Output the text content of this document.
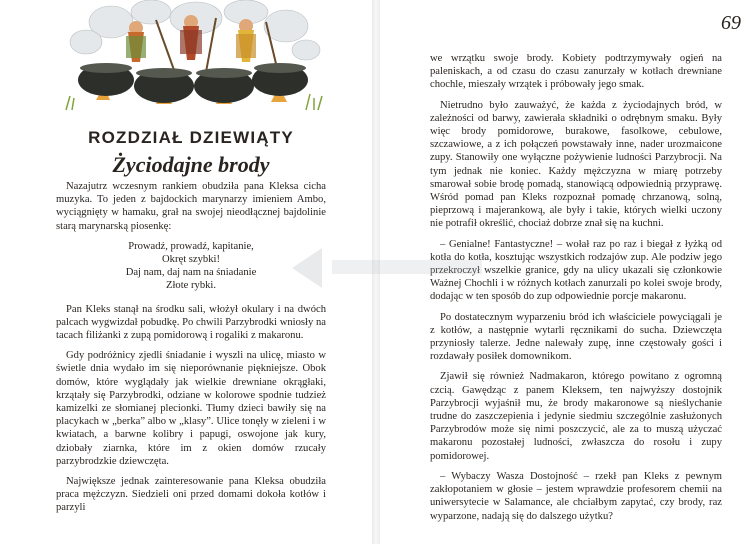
ROZDZIAŁ DZIEWIĄTY
Życiodajne brody

Nazajutrz wczesnym rankiem obudziła pana Kleksa cicha muzyka. To jeden z bajdockich marynarzy imieniem Ambo, wyciągnięty w hamaku, grał na swojej nieodłącznej bajdolinie starą marynarską piosenkę:

Prowadź, prowadź, kapitanie,
Okręt szybki!
Daj nam, daj nam na śniadanie
Złote rybki.

Pan Kleks stanął na środku sali, włożył okulary i na dwóch palcach wygwizdał pobudkę. Po chwili Parzybrodki wniosły na tacach filiżanki z zupą pomidorową i rogaliki z makaronu.

Gdy podróżnicy zjedli śniadanie i wyszli na ulicę, miasto w świetle dnia wydało im się nieporównanie piękniejsze. Obok domów, które wyglądały jak wielkie drewniane okrągłaki, krzątały się Parzybrodki, odziane w kolorowe spodnie tudzież kamizelki ze słomianej plecionki. Tłumy dzieci bawiły się na placykach w „berka” albo w „klasy”. Ulice tonęły w zieleni i w kwiatach, a barwne kolibry i papugi, oswojone jak kury, dziobały ziarnka, które im z okien domów rzucały parzybrodzkie dziewczęta.

Największe jednak zainteresowanie pana Kleksa obudziła praca mężczyzn. Siedzieli oni przed domami dokoła kotłów i parzyli

we wrzątku swoje brody. Kobiety podtrzymywały ogień na paleniskach, a od czasu do czasu zanurzały w kotłach drewniane chochle, mieszały wrzątek i próbowały jego smak.

Nietrudno było zauważyć, że każda z życiodajnych bród, w zależności od barwy, zawierała składniki o odrębnym smaku. Były więc brody pomidorowe, burakowe, fasolkowe, cebulowe, szczawiowe, a z ich połączeń powstawały inne, nader urozmaicone zupy. Stanowiły one wyłączne pożywienie ludności Parzybrocji. Na tym jednak nie koniec. Każdy mężczyzna w miarę potrzeby smarował sobie brodę pomadą, stanowiącą odpowiednią przyprawę. Wśród pomad pan Kleks rozpoznał pomadę chrzanową, solną, pieprzową i majerankową, ale były i takie, których wielki uczony nie potrafił określić, chociaż dobrze znał się na kuchni.

– Genialne! Fantastyczne! – wołał raz po raz i biegał z łyżką od kotła do kotła, kosztując wszystkich rodzajów zup. Ale podziw jego przekroczył wszelkie granice, gdy na ulicy ukazali się członkowie Ważnej Chochli i w różnych kotłach zanurzali po kolei swoje brody, dodając w ten sposób do zup odpowiednie porcje makaronu.

Po dostatecznym wyparzeniu bród ich właściciele powyciągali je z kotłów, a następnie wytarli ręcznikami do sucha. Dziewczęta przyniosły talerze. Jedne nalewały zupę, inne częstowały gości i rozdawały posiłek domownikom.

Zjawił się również Nadmakaron, którego powitano z ogromną czcią. Gawędząc z panem Kleksem, ten najwyższy dostojnik Parzybrocji wyjaśnił mu, że brody makaronowe są nieślychanie trudne do zaszczepienia i jedynie siedmiu szczególnie zasłużonych Parzybrodów może się nimi poszczycić, ale za to muszą użyczać makaronu pozostałej ludności, zwłaszcza do rosołu i zupy pomidorowej.

– Wybaczy Wasza Dostojność – rzekł pan Kleks z pewnym zakłopotaniem w głosie – jestem wprawdzie profesorem chemii na uniwersytecie w Salamance, ale chciałbym zapytać, czy brody, raz wyparzone, nadają się do dalszego użytku?

69
